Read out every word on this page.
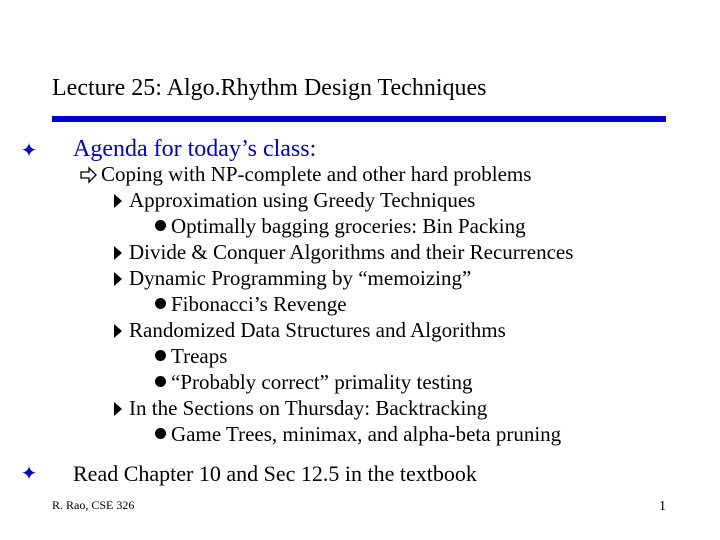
Lecture 25: Algo.Rhythm Design Techniques
✦ Agenda for today’s class:
Coping with NP-complete and other hard problems
Approximation using Greedy Techniques
Optimally bagging groceries: Bin Packing
Divide & Conquer Algorithms and their Recurrences
Dynamic Programming by “memoizing”
Fibonacci’s Revenge
Randomized Data Structures and Algorithms
Treaps
“Probably correct” primality testing
In the Sections on Thursday: Backtracking
Game Trees, minimax, and alpha-beta pruning
✦ Read Chapter 10 and Sec 12.5 in the textbook
R. Rao, CSE 326	1
